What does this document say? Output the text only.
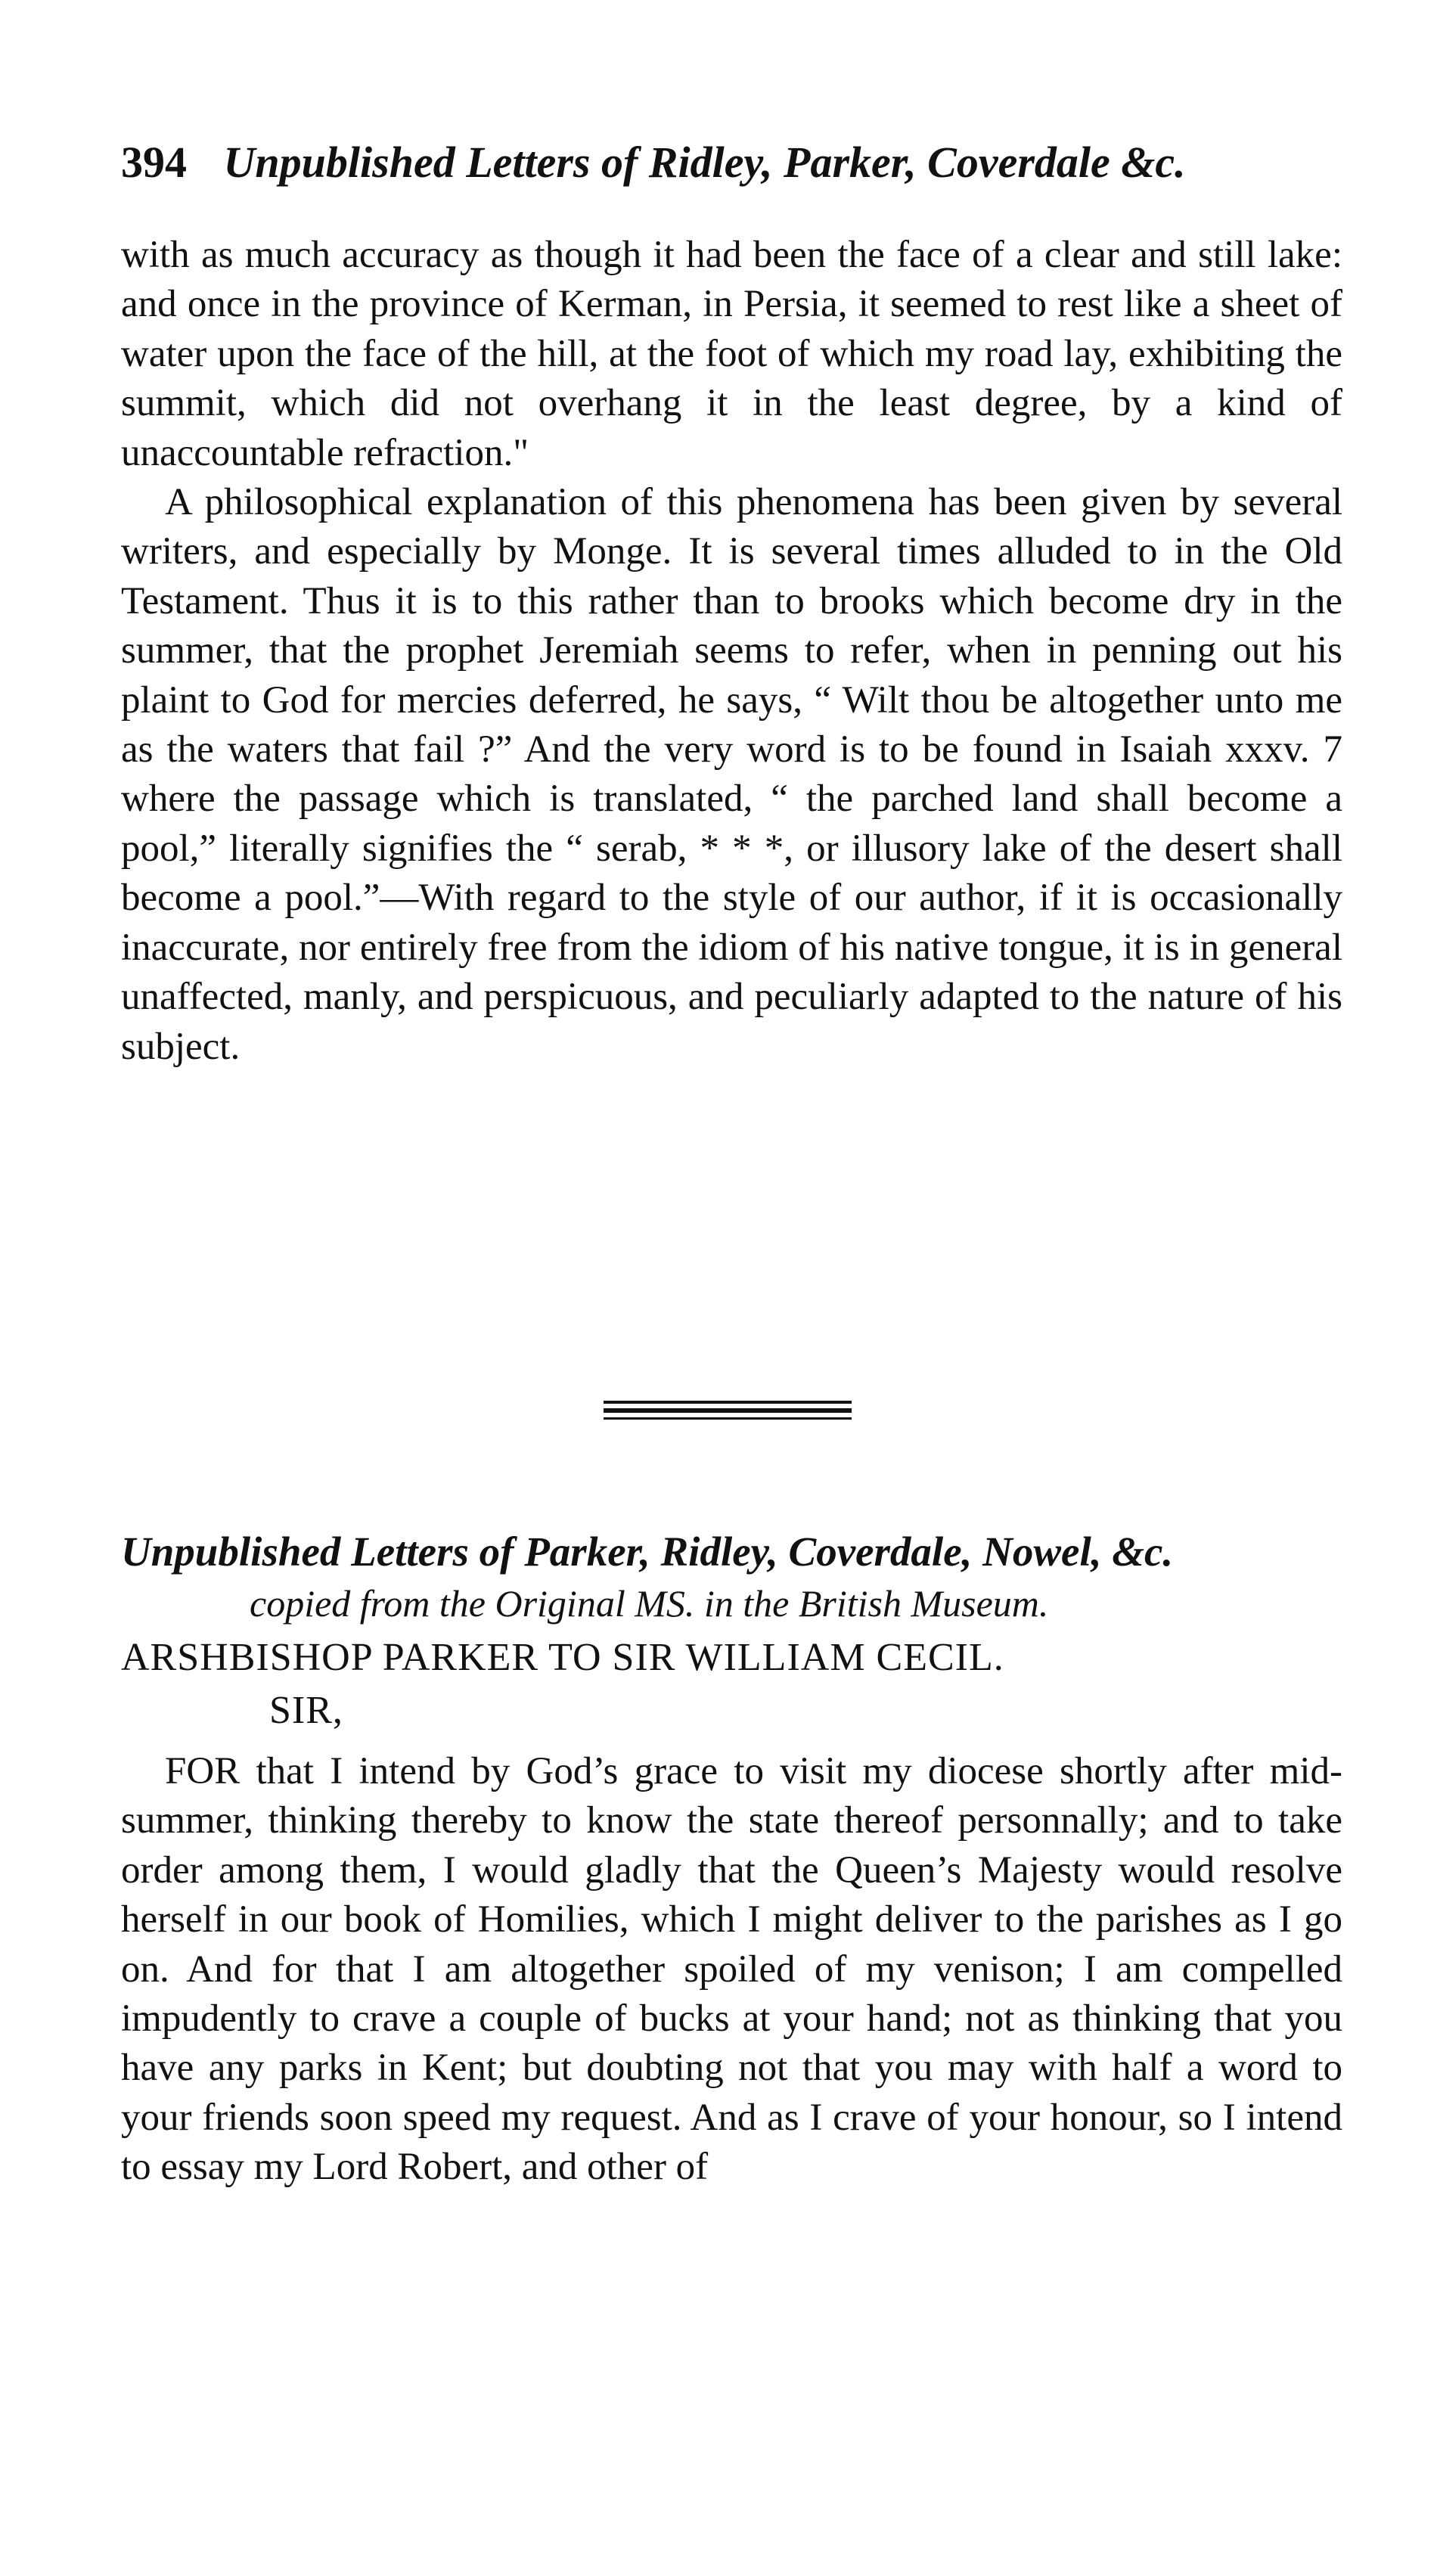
394 Unpublished Letters of Ridley, Parker, Coverdale &c.

with as much accuracy as though it had been the face of a clear and still lake: and once in the province of Kerman, in Persia, it seemed to rest like a sheet of water upon the face of the hill, at the foot of which my road lay, exhibiting the summit, which did not overhang it in the least degree, by a kind of unaccountable refraction."

A philosophical explanation of this phenomena has been given by several writers, and especially by Monge. It is several times alluded to in the Old Testament. Thus it is to this rather than to brooks which become dry in the summer, that the prophet Jeremiah seems to refer, when in penning out his plaint to God for mercies deferred, he says, “ Wilt thou be altogether unto me as the waters that fail ?” And the very word is to be found in Isaiah xxxv. 7 where the passage which is translated, “ the parched land shall become a pool,” literally signifies the “ serab, * * *, or illusory lake of the desert shall become a pool.”—With regard to the style of our author, if it is occasionally inaccurate, nor entirely free from the idiom of his native tongue, it is in general unaffected, manly, and perspicuous, and peculiarly adapted to the nature of his subject.

Unpublished Letters of Parker, Ridley, Coverdale, Nowel, &c.
copied from the Original MS. in the British Museum.
ARSHBISHOP PARKER TO SIR WILLIAM CECIL.
SIR,

FOR that I intend by God’s grace to visit my diocese shortly after mid-summer, thinking thereby to know the state thereof personnally; and to take order among them, I would gladly that the Queen’s Majesty would resolve herself in our book of Homilies, which I might deliver to the parishes as I go on. And for that I am altogether spoiled of my venison; I am compelled impudently to crave a couple of bucks at your hand; not as thinking that you have any parks in Kent; but doubting not that you may with half a word to your friends soon speed my request. And as I crave of your honour, so I intend to essay my Lord Robert, and other of
